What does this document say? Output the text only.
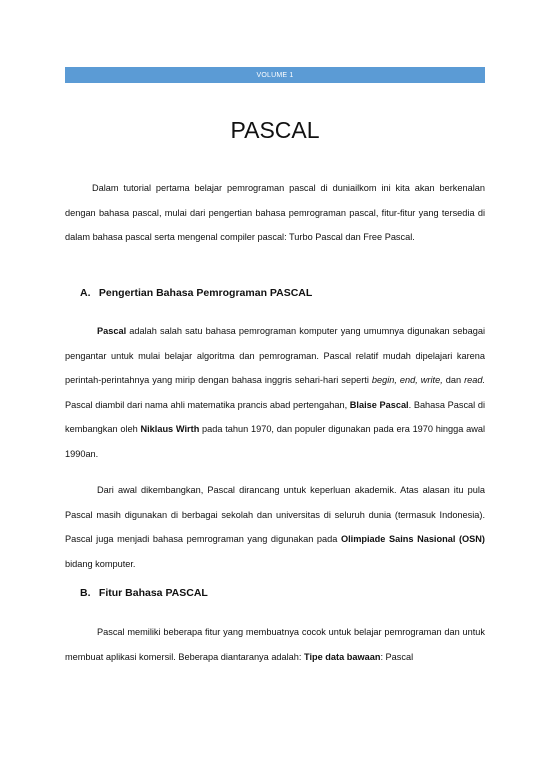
VOLUME 1
PASCAL

Dalam tutorial pertama belajar pemrograman pascal di duniailkom ini kita akan berkenalan dengan bahasa pascal, mulai dari pengertian bahasa pemrograman pascal, fitur-fitur yang tersedia di dalam bahasa pascal serta mengenal compiler pascal: Turbo Pascal dan Free Pascal.

A. Pengertian Bahasa Pemrograman PASCAL

Pascal adalah salah satu bahasa pemrograman komputer yang umumnya digunakan sebagai pengantar untuk mulai belajar algoritma dan pemrograman. Pascal relatif mudah dipelajari karena perintah-perintahnya yang mirip dengan bahasa inggris sehari-hari seperti begin, end, write, dan read. Pascal diambil dari nama ahli matematika prancis abad pertengahan, Blaise Pascal. Bahasa Pascal di kembangkan oleh Niklaus Wirth pada tahun 1970, dan populer digunakan pada era 1970 hingga awal 1990an.

Dari awal dikembangkan, Pascal dirancang untuk keperluan akademik. Atas alasan itu pula Pascal masih digunakan di berbagai sekolah dan universitas di seluruh dunia (termasuk Indonesia). Pascal juga menjadi bahasa pemrograman yang digunakan pada Olimpiade Sains Nasional (OSN) bidang komputer.

B. Fitur Bahasa PASCAL

Pascal memiliki beberapa fitur yang membuatnya cocok untuk belajar pemrograman dan untuk membuat aplikasi komersil. Beberapa diantaranya adalah: Tipe data bawaan: Pascal
